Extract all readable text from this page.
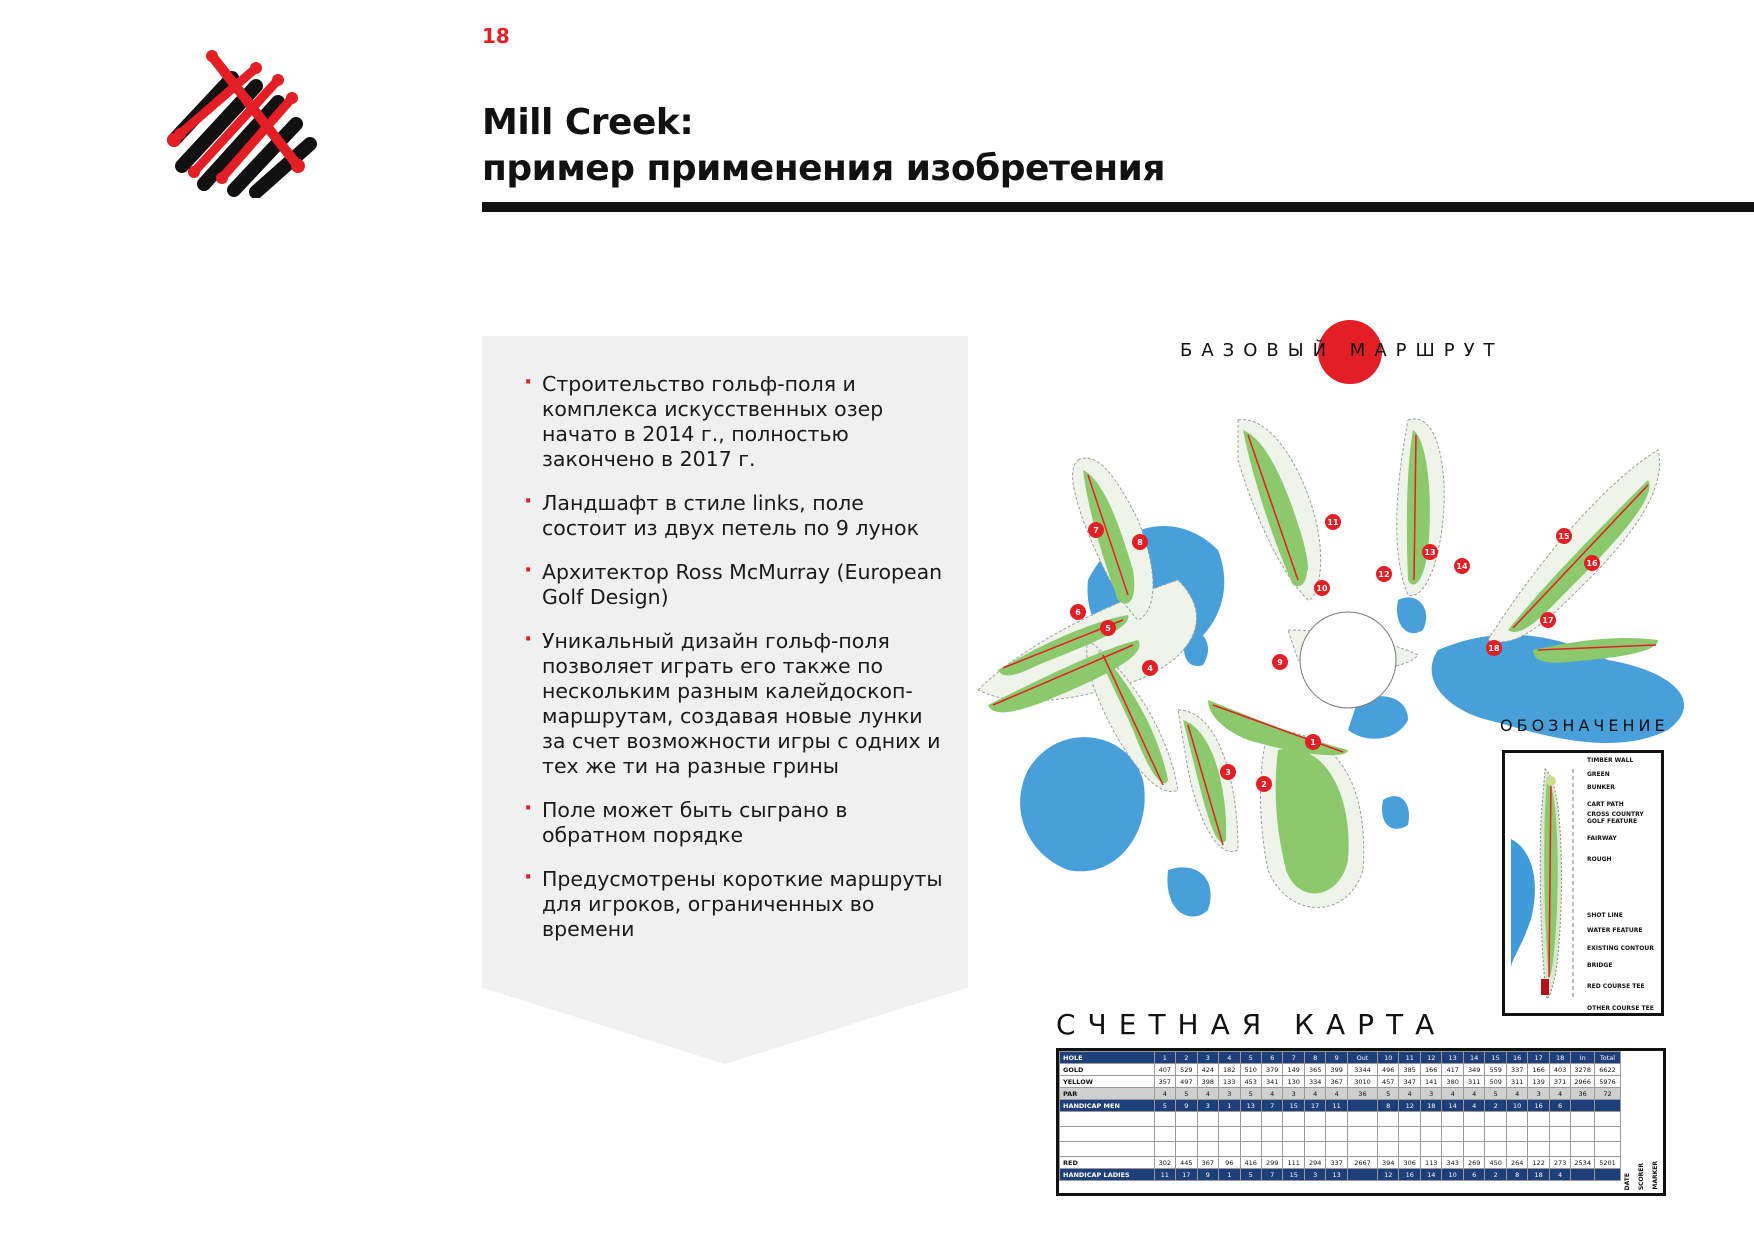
18
Mill Creek:
пример применения изобретения
· Строительство гольф-поля и комплекса искусственных озер начато в 2014 г., полностью закончено в 2017 г.
· Ландшафт в стиле links, поле состоит из двух петель по 9 лунок
· Архитектор Ross McMurray (European Golf Design)
· Уникальный дизайн гольф-поля позволяет играть его также по нескольким разным калейдоскоп-маршрутам, создавая новые лунки за счет возможности игры с одних и тех же ти на разные грины
· Поле может быть сыграно в обратном порядке
· Предусмотрены короткие маршруты для игроков, ограниченных во времени
БАЗОВЫЙ МАРШРУТ
1
2
3
4
5
6
7
8
9
10
11
12
13
14
15
16
17
18
ОБОЗНАЧЕНИЕ
TIMBER WALL
GREEN
BUNKER
CART PATH
CROSS COUNTRY GOLF FEATURE
FAIRWAY
ROUGH
SHOT LINE
WATER FEATURE
EXISTING CONTOUR
BRIDGE
RED COURSE TEE
OTHER COURSE TEE
СЧЕТНАЯ КАРТА
HOLE	1	2	3	4	5	6	7	8	9	Out	10	11	12	13	14	15	16	17	18	In	Total
GOLD	407	529	424	182	510	379	149	365	399	3344	496	385	166	417	349	559	337	166	403	3278	6622
YELLOW	357	497	398	133	453	341	130	334	367	3010	457	347	141	380	311	509	311	139	371	2966	5976
PAR	4	5	4	3	5	4	3	4	4	36	5	4	3	4	4	5	4	3	4	36	72
HANDICAP MEN	5	9	3	1	13	7	15	17	11		8	12	18	14	4	2	10	16	6		

RED	302	445	367	96	416	299	111	294	337	2667	394	306	113	343	269	450	264	122	273	2534	5201
HANDICAP LADIES	11	17	9	1	5	7	15	3	13		12	16	14	10	6	2	8	18	4			DATE SCORER MARKER
